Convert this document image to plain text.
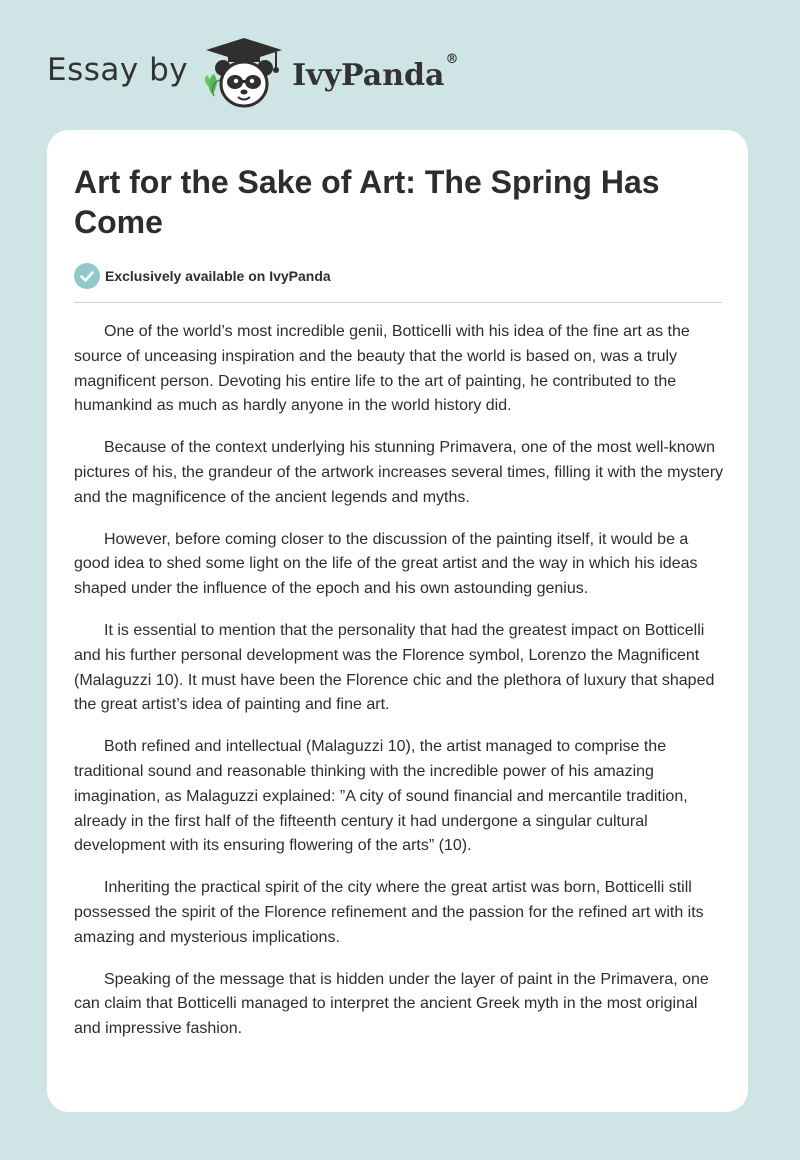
Essay by	IvyPanda®
Art for the Sake of Art: The Spring Has Come
Exclusively available on IvyPanda

One of the world’s most incredible genii, Botticelli with his idea of the fine art as the source of unceasing inspiration and the beauty that the world is based on, was a truly magnificent person. Devoting his entire life to the art of painting, he contributed to the humankind as much as hardly anyone in the world history did.

Because of the context underlying his stunning Primavera, one of the most well-known pictures of his, the grandeur of the artwork increases several times, filling it with the mystery and the magnificence of the ancient legends and myths.

However, before coming closer to the discussion of the painting itself, it would be a good idea to shed some light on the life of the great artist and the way in which his ideas shaped under the influence of the epoch and his own astounding genius.

It is essential to mention that the personality that had the greatest impact on Botticelli and his further personal development was the Florence symbol, Lorenzo the Magnificent (Malaguzzi 10). It must have been the Florence chic and the plethora of luxury that shaped the great artist’s idea of painting and fine art.

Both refined and intellectual (Malaguzzi 10), the artist managed to comprise the traditional sound and reasonable thinking with the incredible power of his amazing imagination, as Malaguzzi explained: ”A city of sound financial and mercantile tradition, already in the first half of the fifteenth century it had undergone a singular cultural development with its ensuring flowering of the arts” (10).

Inheriting the practical spirit of the city where the great artist was born, Botticelli still possessed the spirit of the Florence refinement and the passion for the refined art with its amazing and mysterious implications.

Speaking of the message that is hidden under the layer of paint in the Primavera, one can claim that Botticelli managed to interpret the ancient Greek myth in the most original and impressive fashion.
